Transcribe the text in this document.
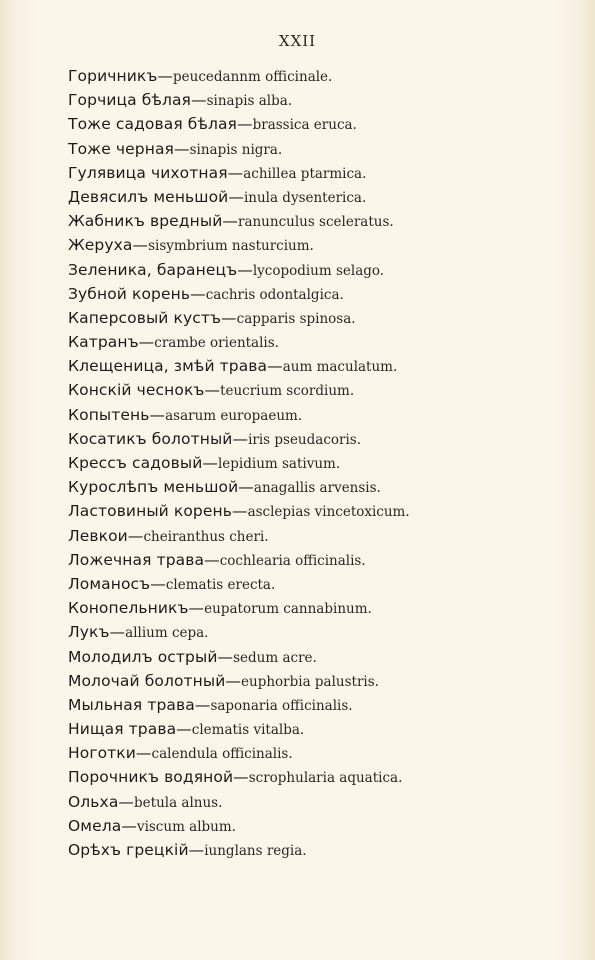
XXII
Горичникъ—peucedannm officinale.
Горчица бѣлая—sinapis alba.
Тоже садовая бѣлая—brassica eruca.
Тоже черная—sinapis nigra.
Гулявица чихотная—achillea ptarmica.
Девясилъ меньшой—inula dysenterica.
Жабникъ вредный—ranunculus sceleratus.
Жеруха—sisymbrium nasturcium.
Зеленика, баранецъ—lycopodium selago.
Зубной корень—cachris odontalgica.
Каперсовый кустъ—capparis spinosa.
Катранъ—crambe orientalis.
Клещеница, змѣй трава—aum maculatum.
Конскій чеснокъ—teucrium scordium.
Копытень—asarum europaeum.
Косатикъ болотный—iris pseudacoris.
Крессъ садовый—lepidium sativum.
Курослѣпъ меньшой—anagallis arvensis.
Ластовиный корень—asclepias vincetoxicum.
Левкои—cheiranthus cheri.
Ложечная трава—cochlearia officinalis.
Ломаносъ—clematis erecta.
Конопельникъ—eupatorum cannabinum.
Лукъ—allium cepa.
Молодилъ острый—sedum acre.
Молочай болотный—euphorbia palustris.
Мыльная трава—saponaria officinalis.
Нищая трава—clematis vitalba.
Ноготки—calendula officinalis.
Порочникъ водяной—scrophularia aquatica.
Ольха—betula alnus.
Омела—viscum album.
Орѣхъ грецкій—iunglans regia.
